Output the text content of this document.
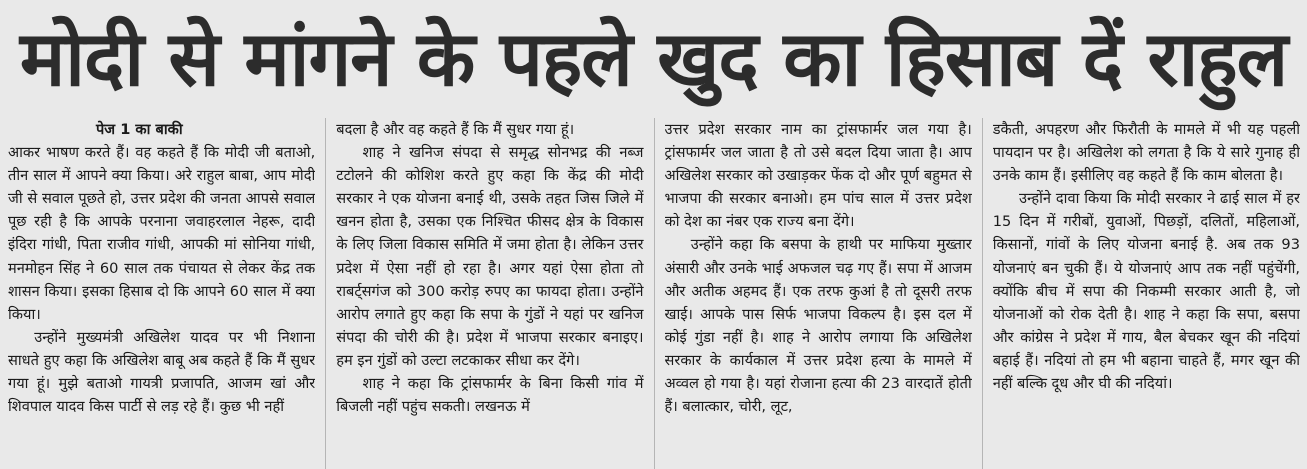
मोदी से मांगने के पहले खुद का हिसाब दें राहुल

पेज 1 का बाकी

आकर भाषण करते हैं। वह कहते हैं कि मोदी जी बताओ, तीन साल में आपने क्या किया। अरे राहुल बाबा, आप मोदी जी से सवाल पूछते हो, उत्तर प्रदेश की जनता आपसे सवाल पूछ रही है कि आपके परनाना जवाहरलाल नेहरू, दादी इंदिरा गांधी, पिता राजीव गांधी, आपकी मां सोनिया गांधी, मनमोहन सिंह ने 60 साल तक पंचायत से लेकर केंद्र तक शासन किया। इसका हिसाब दो कि आपने 60 साल में क्या किया।

उन्होंने मुख्यमंत्री अखिलेश यादव पर भी निशाना साधते हुए कहा कि अखिलेश बाबू अब कहते हैं कि मैं सुधर गया हूं। मुझे बताओ गायत्री प्रजापति, आजम खां और शिवपाल यादव किस पार्टी से लड़ रहे हैं। कुछ भी नहीं

बदला है और वह कहते हैं कि मैं सुधर गया हूं।

शाह ने खनिज संपदा से समृद्ध सोनभद्र की नब्ज टटोलने की कोशिश करते हुए कहा कि केंद्र की मोदी सरकार ने एक योजना बनाई थी, उसके तहत जिस जिले में खनन होता है, उसका एक निश्चित फीसद क्षेत्र के विकास के लिए जिला विकास समिति में जमा होता है। लेकिन उत्तर प्रदेश में ऐसा नहीं हो रहा है। अगर यहां ऐसा होता तो राबर्ट्सगंज को 300 करोड़ रुपए का फायदा होता। उन्होंने आरोप लगाते हुए कहा कि सपा के गुंडों ने यहां पर खनिज संपदा की चोरी की है। प्रदेश में भाजपा सरकार बनाइए। हम इन गुंडों को उल्टा लटकाकर सीधा कर देंगे।

शाह ने कहा कि ट्रांसफार्मर के बिना किसी गांव में बिजली नहीं पहुंच सकती। लखनऊ में

उत्तर प्रदेश सरकार नाम का ट्रांसफार्मर जल गया है। ट्रांसफार्मर जल जाता है तो उसे बदल दिया जाता है। आप अखिलेश सरकार को उखाड़कर फेंक दो और पूर्ण बहुमत से भाजपा की सरकार बनाओ। हम पांच साल में उत्तर प्रदेश को देश का नंबर एक राज्य बना देंगे।

उन्होंने कहा कि बसपा के हाथी पर माफिया मुख्तार अंसारी और उनके भाई अफजल चढ़ गए हैं। सपा में आजम और अतीक अहमद हैं। एक तरफ कुआं है तो दूसरी तरफ खाई। आपके पास सिर्फ भाजपा विकल्प है। इस दल में कोई गुंडा नहीं है। शाह ने आरोप लगाया कि अखिलेश सरकार के कार्यकाल में उत्तर प्रदेश हत्या के मामले में अव्वल हो गया है। यहां रोजाना हत्या की 23 वारदातें होती हैं। बलात्कार, चोरी, लूट,

डकैती, अपहरण और फिरौती के मामले में भी यह पहली पायदान पर है। अखिलेश को लगता है कि ये सारे गुनाह ही उनके काम हैं। इसीलिए वह कहते हैं कि काम बोलता है।

उन्होंने दावा किया कि मोदी सरकार ने ढाई साल में हर 15 दिन में गरीबों, युवाओं, पिछड़ों, दलितों, महिलाओं, किसानों, गांवों के लिए योजना बनाई है. अब तक 93 योजनाएं बन चुकी हैं। ये योजनाएं आप तक नहीं पहुंचेंगी, क्योंकि बीच में सपा की निकम्मी सरकार आती है, जो योजनाओं को रोक देती है। शाह ने कहा कि सपा, बसपा और कांग्रेस ने प्रदेश में गाय, बैल बेचकर खून की नदियां बहाई हैं। नदियां तो हम भी बहाना चाहते हैं, मगर खून की नहीं बल्कि दूध और घी की नदियां।
